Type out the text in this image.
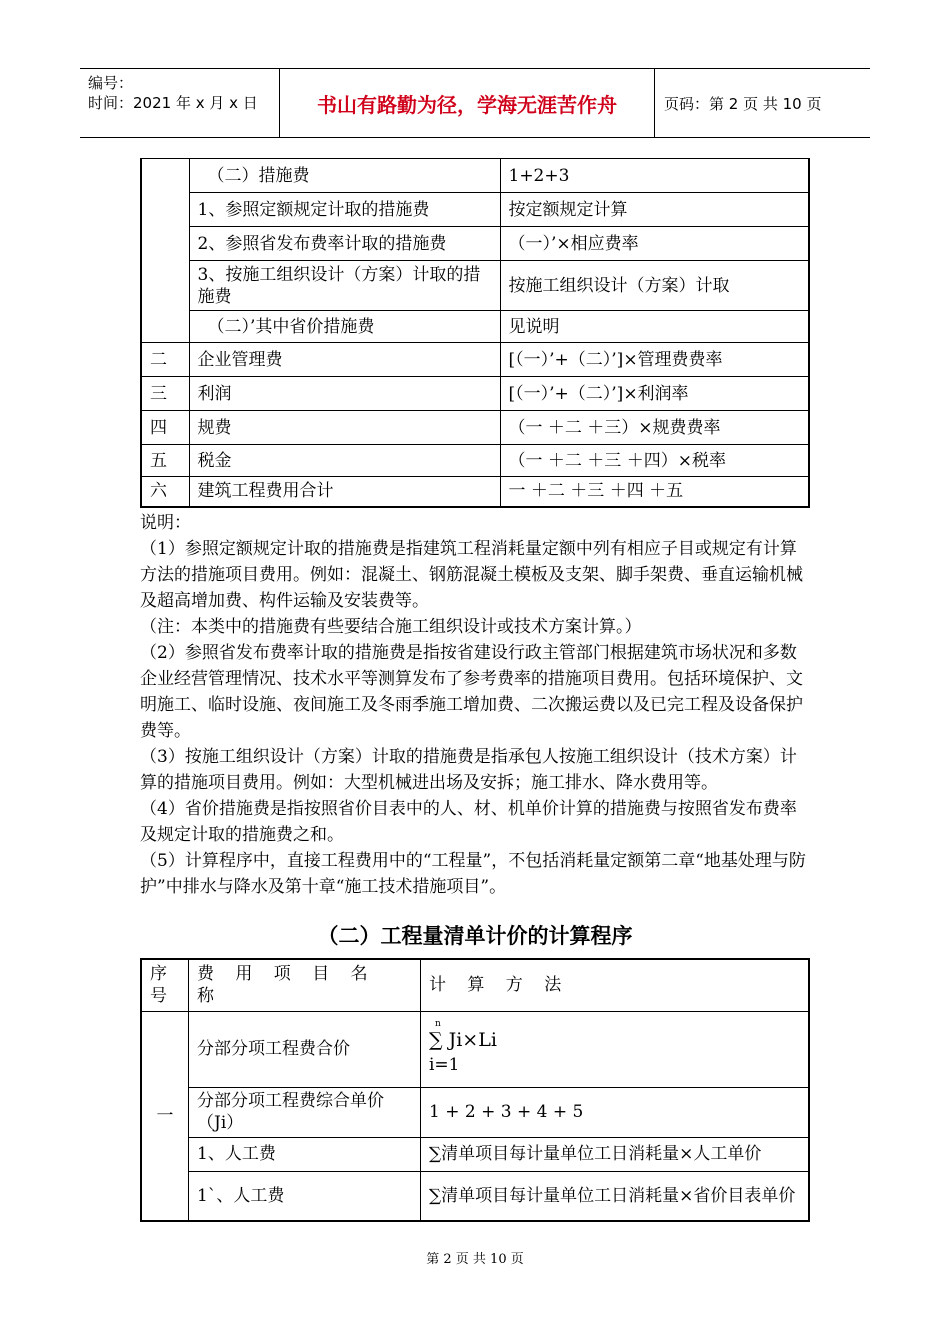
编号：
时间：2021 年 x 月 x 日	书山有路勤为径，学海无涯苦作舟	页码：第 2 页 共 10 页
	（二）措施费	1+2+3
	1、参照定额规定计取的措施费	按定额规定计算
	2、参照省发布费率计取的措施费	（一）’×相应费率
	3、按施工组织设计（方案）计取的措施费	按施工组织设计（方案）计取
	（二）’其中省价措施费	见说明
二	企业管理费	[（一）’+（二）’]×管理费费率
三	利润	[（一）’+（二）’]×利润率
四	规费	（一 ＋二 ＋三）×规费费率
五	税金	（一 ＋二 ＋三 ＋四）×税率
六	建筑工程费用合计	一 ＋二 ＋三 ＋四 ＋五

说明：

（1）参照定额规定计取的措施费是指建筑工程消耗量定额中列有相应子目或规定有计算方法的措施项目费用。例如：混凝土、钢筋混凝土模板及支架、脚手架费、垂直运输机械及超高增加费、构件运输及安装费等。

（注：本类中的措施费有些要结合施工组织设计或技术方案计算。）

（2）参照省发布费率计取的措施费是指按省建设行政主管部门根据建筑市场状况和多数企业经营管理情况、技术水平等测算发布了参考费率的措施项目费用。包括环境保护、文明施工、临时设施、夜间施工及冬雨季施工增加费、二次搬运费以及已完工程及设备保护费等。

（3）按施工组织设计（方案）计取的措施费是指承包人按施工组织设计（技术方案）计算的措施项目费用。例如：大型机械进出场及安拆；施工排水、降水费用等。

（4）省价措施费是指按照省价目表中的人、材、机单价计算的措施费与按照省发布费率及规定计取的措施费之和。

（5）计算程序中，直接工程费用中的“工程量”，不包括消耗量定额第二章“地基处理与防护”中排水与降水及第十章“施工技术措施项目”。

（二）工程量清单计价的计算程序
序号	费 用 项 目 名 称	计 算 方 法
一	分部分项工程费合价	n
∑ Ji×Li
i=1

	分部分项工程费综合单价（Ji）	1 + 2 + 3 + 4 + 5
	1、人工费	∑清单项目每计量单位工日消耗量×人工单价
	1`、人工费	∑清单项目每计量单位工日消耗量×省价目表单价
第 2 页 共 10 页
